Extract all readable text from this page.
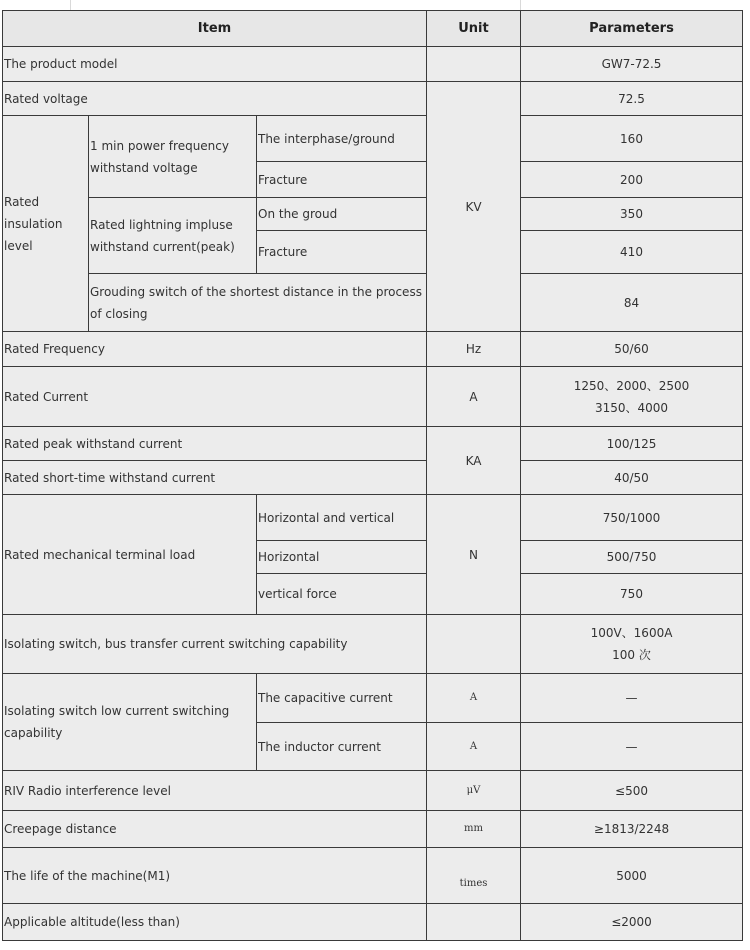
Item			Unit	Parameters
The product model				GW7-72.5
Rated voltage			KV	72.5
Rated insulation level	1 min power frequency withstand voltage	The interphase/ground		160
		Fracture		200
	Rated lightning impluse withstand current(peak)	On the groud		350
		Fracture		410
	Grouding switch of the shortest distance in the process of closing			84
Rated Frequency			Hz	50/60
Rated Current			A	1250、2000、2500
3150、4000

Rated peak withstand current			KA	100/125
Rated short-time withstand current				40/50
Rated mechanical terminal load		Horizontal and vertical	N	750/1000
		Horizontal		500/750
		vertical force		750
Isolating switch, bus transfer current switching capability				100V、1600A
100 次

Isolating switch low current switching capability		The capacitive current	A	—
		The inductor current	A	—
RIV Radio interference level			μV	≤500
Creepage distance			mm	≥1813/2248
The life of the machine(M1)			times	5000
Applicable altitude(less than)				≤2000
